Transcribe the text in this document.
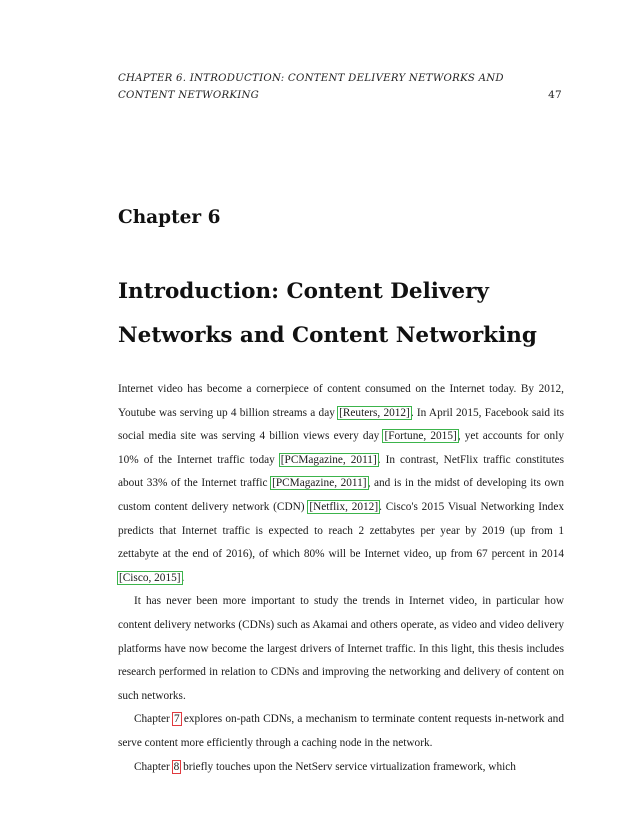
CHAPTER 6. INTRODUCTION: CONTENT DELIVERY NETWORKS AND
CONTENT NETWORKING	47
Chapter 6
Introduction: Content Delivery
Networks and Content Networking

Internet video has become a cornerpiece of content consumed on the Internet today. By 2012, Youtube was serving up 4 billion streams a day [Reuters, 2012]. In April 2015, Facebook said its social media site was serving 4 billion views every day [Fortune, 2015], yet accounts for only 10% of the Internet traffic today [PCMagazine, 2011]. In contrast, NetFlix traffic constitutes about 33% of the Internet traffic [PCMagazine, 2011], and is in the midst of developing its own custom content delivery network (CDN) [Netflix, 2012]. Cisco's 2015 Visual Networking Index predicts that Internet traffic is expected to reach 2 zettabytes per year by 2019 (up from 1 zettabyte at the end of 2016), of which 80% will be Internet video, up from 67 percent in 2014 [Cisco, 2015].

It has never been more important to study the trends in Internet video, in particular how content delivery networks (CDNs) such as Akamai and others operate, as video and video delivery platforms have now become the largest drivers of Internet traffic. In this light, this thesis includes research performed in relation to CDNs and improving the networking and delivery of content on such networks.

Chapter 7 explores on-path CDNs, a mechanism to terminate content requests in-network and serve content more efficiently through a caching node in the network.

Chapter 8 briefly touches upon the NetServ service virtualization framework, which
